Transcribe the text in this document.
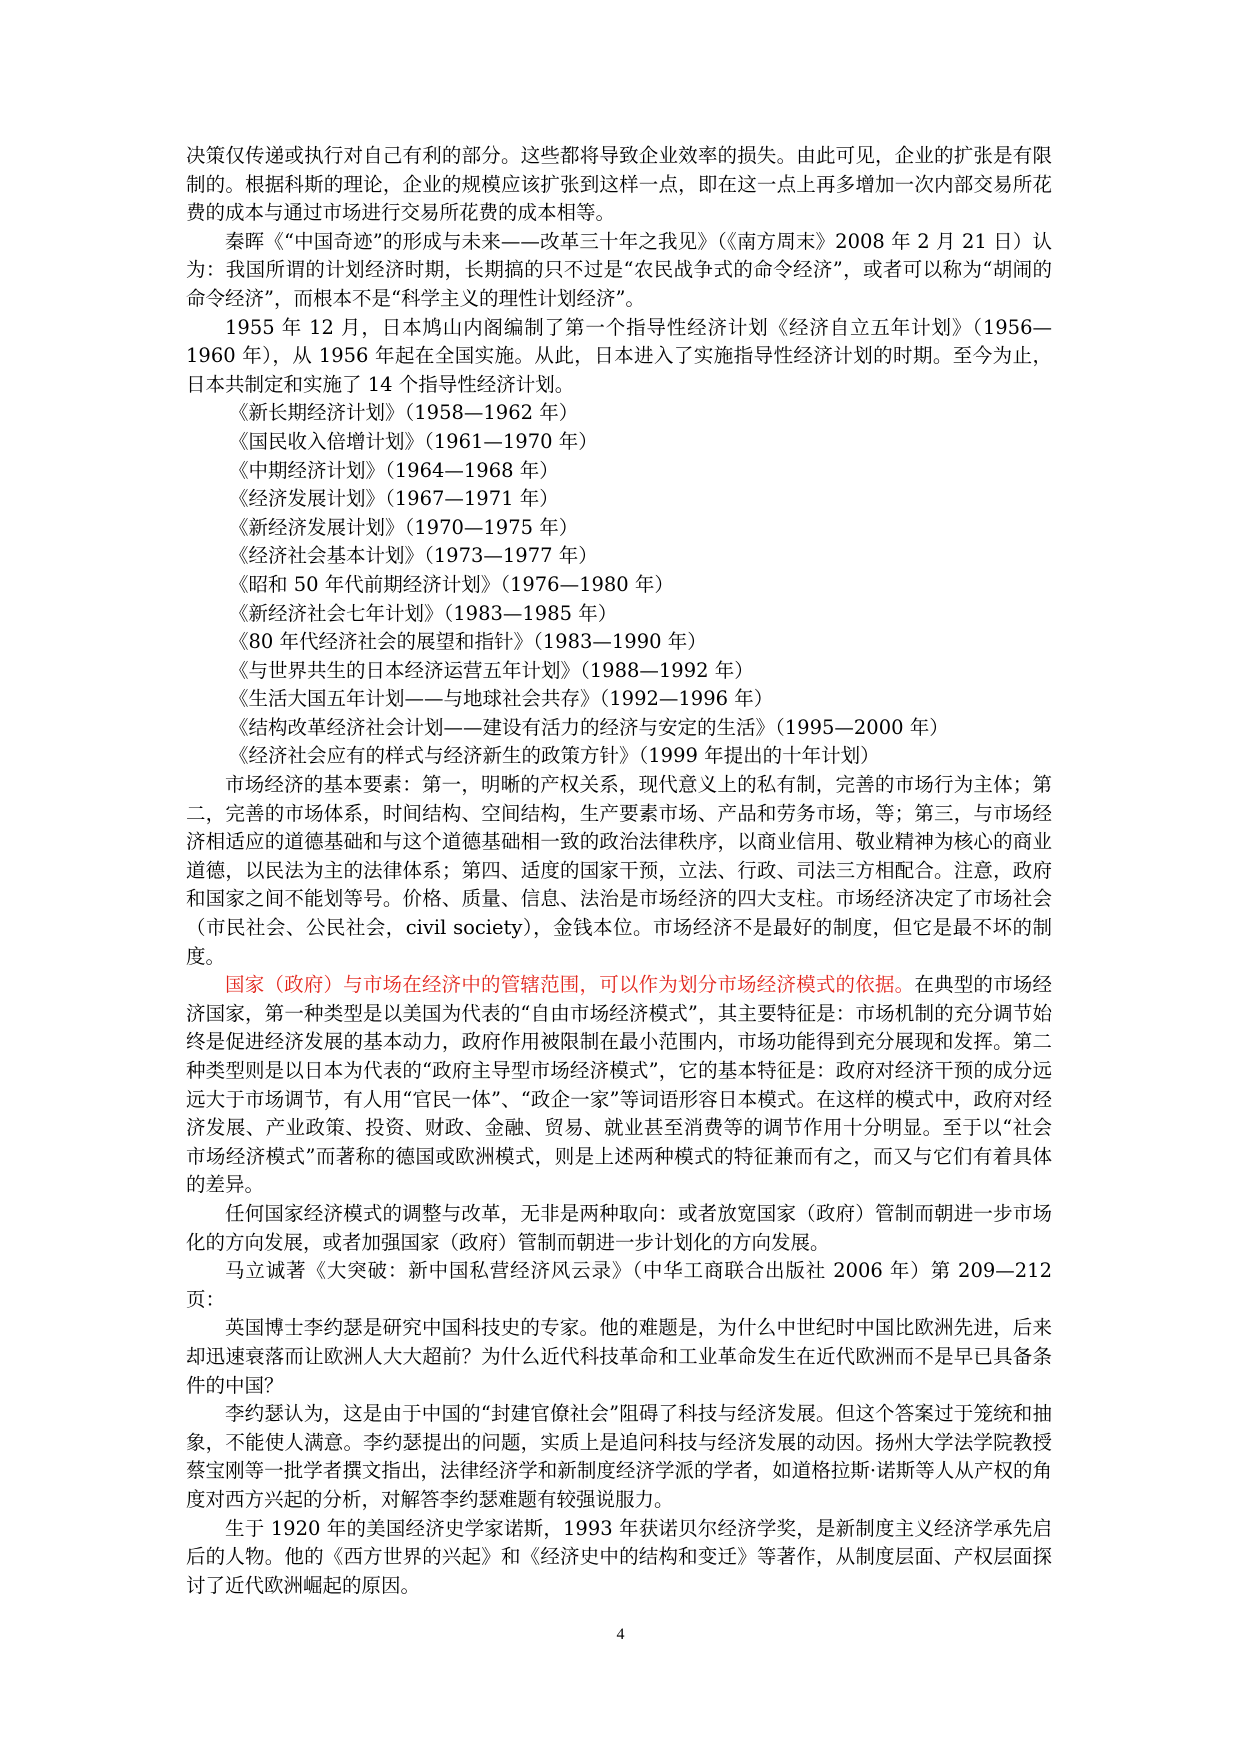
决策仅传递或执行对自己有利的部分。这些都将导致企业效率的损失。由此可见，企业的扩张是有限制的。根据科斯的理论，企业的规模应该扩张到这样一点，即在这一点上再多增加一次内部交易所花费的成本与通过市场进行交易所花费的成本相等。

秦晖《“中国奇迹”的形成与未来——改革三十年之我见》（《南方周末》2008 年 2 月 21 日）认为：我国所谓的计划经济时期，长期搞的只不过是“农民战争式的命令经济”，或者可以称为“胡闹的命令经济”，而根本不是“科学主义的理性计划经济”。

1955 年 12 月，日本鸠山内阁编制了第一个指导性经济计划《经济自立五年计划》（1956—1960 年），从 1956 年起在全国实施。从此，日本进入了实施指导性经济计划的时期。至今为止，日本共制定和实施了 14 个指导性经济计划。

《新长期经济计划》（1958—1962 年）
《国民收入倍增计划》（1961—1970 年）
《中期经济计划》（1964—1968 年）
《经济发展计划》（1967—1971 年）
《新经济发展计划》（1970—1975 年）
《经济社会基本计划》（1973—1977 年）
《昭和 50 年代前期经济计划》（1976—1980 年）
《新经济社会七年计划》（1983—1985 年）
《80 年代经济社会的展望和指针》（1983—1990 年）
《与世界共生的日本经济运营五年计划》（1988—1992 年）
《生活大国五年计划——与地球社会共存》（1992—1996 年）
《结构改革经济社会计划——建设有活力的经济与安定的生活》（1995—2000 年）
《经济社会应有的样式与经济新生的政策方针》（1999 年提出的十年计划）

市场经济的基本要素：第一，明晰的产权关系，现代意义上的私有制，完善的市场行为主体；第二，完善的市场体系，时间结构、空间结构，生产要素市场、产品和劳务市场，等；第三，与市场经济相适应的道德基础和与这个道德基础相一致的政治法律秩序，以商业信用、敬业精神为核心的商业道德，以民法为主的法律体系；第四、适度的国家干预，立法、行政、司法三方相配合。注意，政府和国家之间不能划等号。价格、质量、信息、法治是市场经济的四大支柱。市场经济决定了市场社会（市民社会、公民社会，civil society），金钱本位。市场经济不是最好的制度，但它是最不坏的制度。

国家（政府）与市场在经济中的管辖范围，可以作为划分市场经济模式的依据。在典型的市场经济国家，第一种类型是以美国为代表的“自由市场经济模式”，其主要特征是：市场机制的充分调节始终是促进经济发展的基本动力，政府作用被限制在最小范围内，市场功能得到充分展现和发挥。第二种类型则是以日本为代表的“政府主导型市场经济模式”，它的基本特征是：政府对经济干预的成分远远大于市场调节，有人用“官民一体”、“政企一家”等词语形容日本模式。在这样的模式中，政府对经济发展、产业政策、投资、财政、金融、贸易、就业甚至消费等的调节作用十分明显。至于以“社会市场经济模式”而著称的德国或欧洲模式，则是上述两种模式的特征兼而有之，而又与它们有着具体的差异。

任何国家经济模式的调整与改革，无非是两种取向：或者放宽国家（政府）管制而朝进一步市场化的方向发展，或者加强国家（政府）管制而朝进一步计划化的方向发展。

马立诚著《大突破：新中国私营经济风云录》（中华工商联合出版社 2006 年）第 209—212 页：

英国博士李约瑟是研究中国科技史的专家。他的难题是，为什么中世纪时中国比欧洲先进，后来却迅速衰落而让欧洲人大大超前？为什么近代科技革命和工业革命发生在近代欧洲而不是早已具备条件的中国？

李约瑟认为，这是由于中国的“封建官僚社会”阻碍了科技与经济发展。但这个答案过于笼统和抽象，不能使人满意。李约瑟提出的问题，实质上是追问科技与经济发展的动因。扬州大学法学院教授蔡宝刚等一批学者撰文指出，法律经济学和新制度经济学派的学者，如道格拉斯·诺斯等人从产权的角度对西方兴起的分析，对解答李约瑟难题有较强说服力。

生于 1920 年的美国经济史学家诺斯，1993 年获诺贝尔经济学奖，是新制度主义经济学承先启后的人物。他的《西方世界的兴起》和《经济史中的结构和变迁》等著作，从制度层面、产权层面探讨了近代欧洲崛起的原因。

4
